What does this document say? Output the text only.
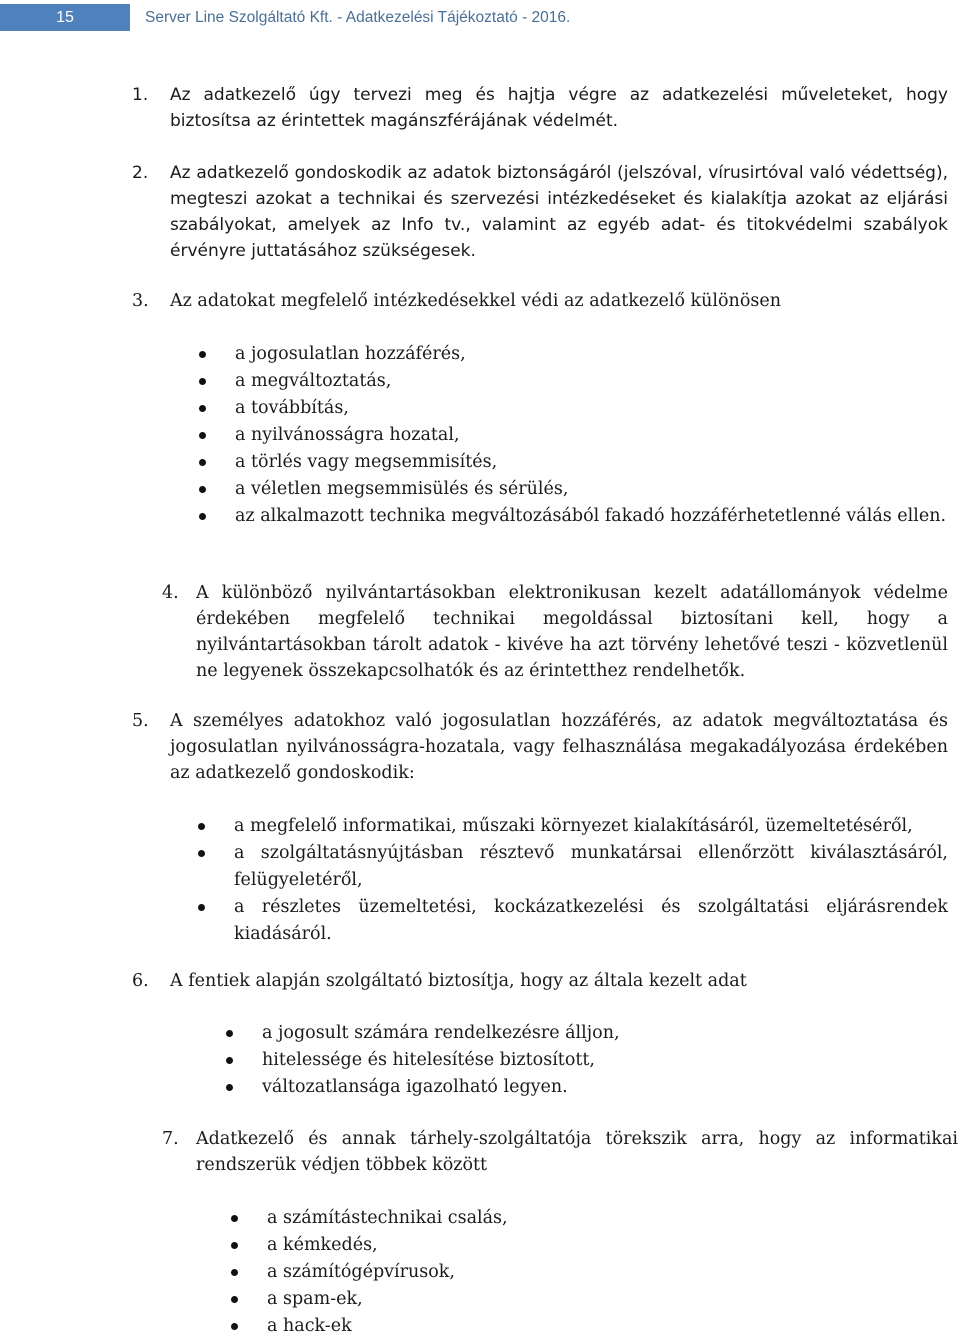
15	Server Line Szolgáltató Kft. - Adatkezelési Tájékoztató - 2016.
1. Az adatkezelő úgy tervezi meg és hajtja végre az adatkezelési műveleteket, hogy biztosítsa az érintettek magánszférájának védelmét.
2. Az adatkezelő gondoskodik az adatok biztonságáról (jelszóval, vírusirtóval való védettség), megteszi azokat a technikai és szervezési intézkedéseket és kialakítja azokat az eljárási szabályokat, amelyek az Info tv., valamint az egyéb adat- és titokvédelmi szabályok érvényre juttatásához szükségesek.
3. Az adatokat megfelelő intézkedésekkel védi az adatkezelő különösen
a jogosulatlan hozzáférés,
a megváltoztatás,
a továbbítás,
a nyilvánosságra hozatal,
a törlés vagy megsemmisítés,
a véletlen megsemmisülés és sérülés,
az alkalmazott technika megváltozásából fakadó hozzáférhetetlenné válás ellen.
4. A különböző nyilvántartásokban elektronikusan kezelt adatállományok védelme érdekében megfelelő technikai megoldással biztosítani kell, hogy a nyilvántartásokban tárolt adatok - kivéve ha azt törvény lehetővé teszi - közvetlenül ne legyenek összekapcsolhatók és az érintetthez rendelhetők.
5. A személyes adatokhoz való jogosulatlan hozzáférés, az adatok megváltoztatása és jogosulatlan nyilvánosságra-hozatala, vagy felhasználása megakadályozása érdekében az adatkezelő gondoskodik:
a megfelelő informatikai, műszaki környezet kialakításáról, üzemeltetéséről,
a szolgáltatásnyújtásban résztevő munkatársai ellenőrzött kiválasztásáról, felügyeletéről,
a részletes üzemeltetési, kockázatkezelési és szolgáltatási eljárásrendek kiadásáról.
6. A fentiek alapján szolgáltató biztosítja, hogy az általa kezelt adat
a jogosult számára rendelkezésre álljon,
hitelessége és hitelesítése biztosított,
változatlansága igazolható legyen.
7. Adatkezelő és annak tárhely-szolgáltatója törekszik arra, hogy az informatikai rendszerük védjen többek között
a számítástechnikai csalás,
a kémkedés,
a számítógépvírusok,
a spam-ek,
a hack-ek
